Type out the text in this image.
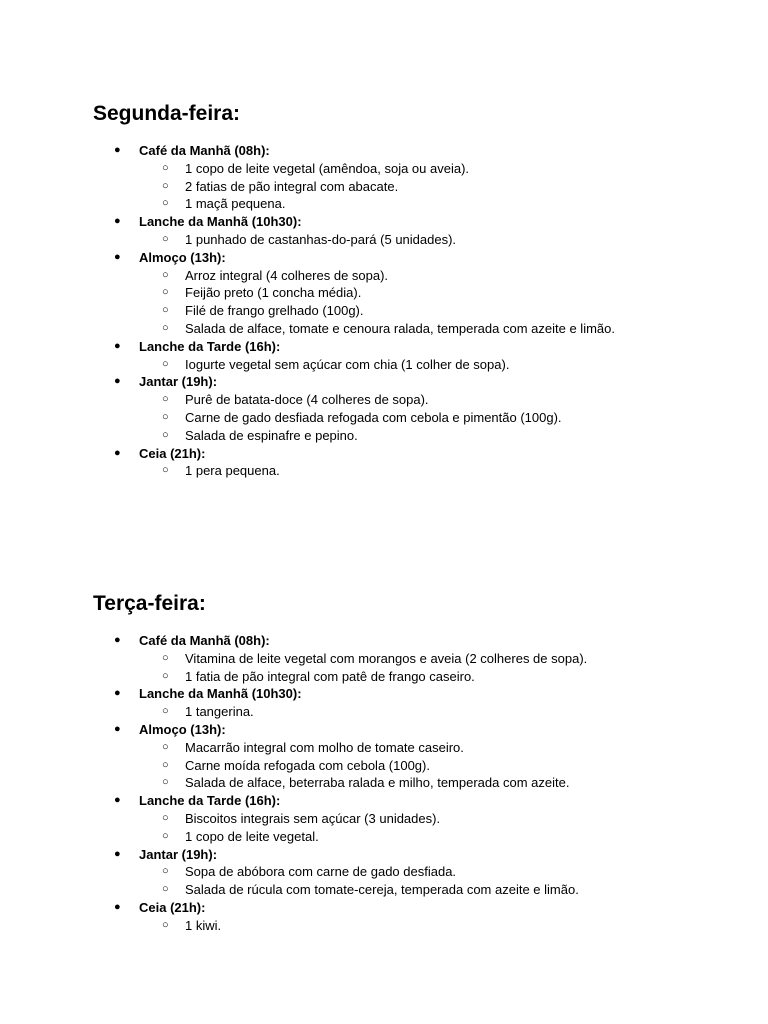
Segunda-feira:
● Café da Manhã (08h):
○ 1 copo de leite vegetal (amêndoa, soja ou aveia).
○ 2 fatias de pão integral com abacate.
○ 1 maçã pequena.
● Lanche da Manhã (10h30):
○ 1 punhado de castanhas-do-pará (5 unidades).
● Almoço (13h):
○ Arroz integral (4 colheres de sopa).
○ Feijão preto (1 concha média).
○ Filé de frango grelhado (100g).
○ Salada de alface, tomate e cenoura ralada, temperada com azeite e limão.
● Lanche da Tarde (16h):
○ Iogurte vegetal sem açúcar com chia (1 colher de sopa).
● Jantar (19h):
○ Purê de batata-doce (4 colheres de sopa).
○ Carne de gado desfiada refogada com cebola e pimentão (100g).
○ Salada de espinafre e pepino.
● Ceia (21h):
○ 1 pera pequena.
Terça-feira:
● Café da Manhã (08h):
○ Vitamina de leite vegetal com morangos e aveia (2 colheres de sopa).
○ 1 fatia de pão integral com patê de frango caseiro.
● Lanche da Manhã (10h30):
○ 1 tangerina.
● Almoço (13h):
○ Macarrão integral com molho de tomate caseiro.
○ Carne moída refogada com cebola (100g).
○ Salada de alface, beterraba ralada e milho, temperada com azeite.
● Lanche da Tarde (16h):
○ Biscoitos integrais sem açúcar (3 unidades).
○ 1 copo de leite vegetal.
● Jantar (19h):
○ Sopa de abóbora com carne de gado desfiada.
○ Salada de rúcula com tomate-cereja, temperada com azeite e limão.
● Ceia (21h):
○ 1 kiwi.
